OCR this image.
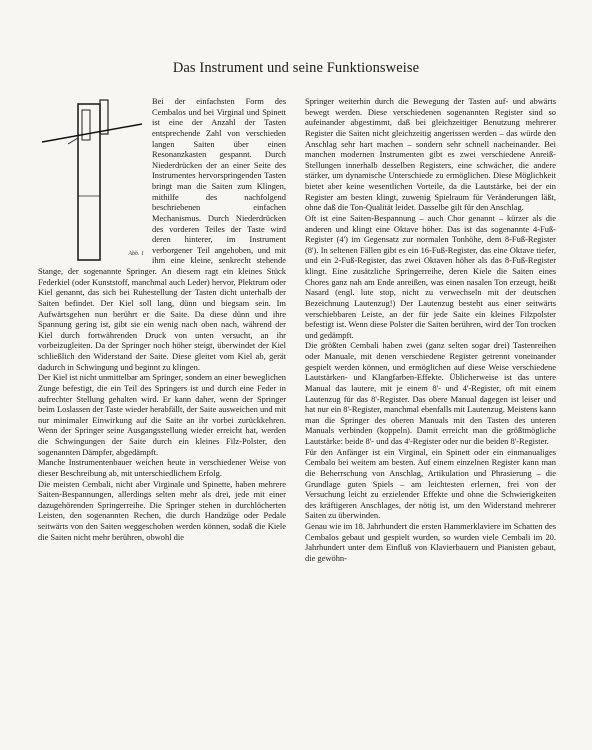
Das Instrument und seine Funktionsweise
Abb. 1

Bei der einfachsten Form des Cembalos und bei Virginal und Spinett ist eine der Anzahl der Tasten entsprechende Zahl von verschieden langen Saiten über einen Resonanzkasten gespannt. Durch Niederdrücken der an einer Seite des Instrumentes hervorspringenden Tasten bringt man die Saiten zum Klingen, mithilfe des nachfolgend beschriebenen einfachen Mechanismus. Durch Niederdrücken des vorderen Teiles der Taste wird deren hinterer, im Instrument verborgener Teil angehoben, und mit ihm eine kleine, senkrecht stehende Stange, der sogenannte Springer. An diesem ragt ein kleines Stück Federkiel (oder Kunststoff, manchmal auch Leder) hervor, Plektrum oder Kiel genannt, das sich bei Ruhestellung der Tasten dicht unterhalb der Saiten befindet. Der Kiel soll lang, dünn und biegsam sein. Im Aufwärtsgehen nun berührt er die Saite. Da diese dünn und ihre Spannung gering ist, gibt sie ein wenig nach oben nach, während der Kiel durch fortwährenden Druck von unten versucht, an ihr vorbeizugleiten. Da der Springer noch höher steigt, überwindet der Kiel schließlich den Widerstand der Saite. Diese gleitet vom Kiel ab, gerät dadurch in Schwingung und beginnt zu klingen.

Der Kiel ist nicht unmittelbar am Springer, sondern an einer beweglichen Zunge befestigt, die ein Teil des Springers ist und durch eine Feder in aufrechter Stellung gehalten wird. Er kann daher, wenn der Springer beim Loslassen der Taste wieder herabfällt, der Saite ausweichen und mit nur minimaler Einwirkung auf die Saite an ihr vorbei zurückkehren. Wenn der Springer seine Ausgangsstellung wieder erreicht hat, werden die Schwingungen der Saite durch ein kleines Filz-Polster, den sogenannten Dämpfer, abgedämpft.

Manche Instrumentenbauer weichen heute in verschiedener Weise von dieser Beschreibung ab, mit unterschiedlichem Erfolg.

Die meisten Cembali, nicht aber Virginale und Spinette, haben mehrere Saiten-Bespannungen, allerdings selten mehr als drei, jede mit einer dazugehörenden Springerreihe. Die Springer stehen in durchlöcherten Leisten, den sogenannten Rechen, die durch Handzüge oder Pedale seitwärts von den Saiten weggeschoben werden können, sodaß die Kiele die Saiten nicht mehr berühren, obwohl die

Springer weiterhin durch die Bewegung der Tasten auf- und abwärts bewegt werden. Diese verschiedenen sogenannten Register sind so aufeinander abgestimmt, daß bei gleichzeitiger Benutzung mehrerer Register die Saiten nicht gleichzeitig angerissen werden – das würde den Anschlag sehr hart machen – sondern sehr schnell nacheinander. Bei manchen modernen Instrumenten gibt es zwei verschiedene Anreiß-Stellungen innerhalb desselben Registers, eine schwächer, die andere stärker, um dynamische Unterschiede zu ermöglichen. Diese Möglichkeit bietet aber keine wesentlichen Vorteile, da die Lautstärke, bei der ein Register am besten klingt, zuwenig Spielraum für Veränderungen läßt, ohne daß die Ton-Qualität leidet. Dasselbe gilt für den Anschlag.

Oft ist eine Saiten-Bespannung – auch Chor genannt – kürzer als die anderen und klingt eine Oktave höher. Das ist das sogenannte 4-Fuß-Register (4') im Gegensatz zur normalen Tonhöhe, dem 8-Fuß-Register (8'). In seltenen Fällen gibt es ein 16-Fuß-Register, das eine Oktave tiefer, und ein 2-Fuß-Register, das zwei Oktaven höher als das 8-Fuß-Register klingt. Eine zusätzliche Springerreihe, deren Kiele die Saiten eines Chores ganz nah am Ende anreißen, was einen nasalen Ton erzeugt, heißt Nasard (engl. lute stop, nicht zu verwechseln mit der deutschen Bezeichnung Lautenzug!) Der Lautenzug besteht aus einer seitwärts verschiebbaren Leiste, an der für jede Saite ein kleines Filzpolster befestigt ist. Wenn diese Polster die Saiten berühren, wird der Ton trocken und gedämpft.

Die größten Cembali haben zwei (ganz selten sogar drei) Tastenreihen oder Manuale, mit denen verschiedene Register getrennt voneinander gespielt werden können, und ermöglichen auf diese Weise verschiedene Lautstärken- und Klangfarben-Effekte. Üblicherweise ist das untere Manual das lautere, mit je einem 8'- und 4'-Register, oft mit einem Lautenzug für das 8'-Register. Das obere Manual dagegen ist leiser und hat nur ein 8'-Register, manchmal ebenfalls mit Lautenzug. Meistens kann man die Springer des oberen Manuals mit den Tasten des unteren Manuals verbinden (koppeln). Damit erreicht man die größtmögliche Lautstärke: beide 8'- und das 4'-Register oder nur die beiden 8'-Register.

Für den Anfänger ist ein Virginal, ein Spinett oder ein einmanualiges Cembalo bei weitem am besten. Auf einem einzelnen Register kann man die Beherrschung von Anschlag, Artikulation und Phrasierung – die Grundlage guten Spiels – am leichtesten erlernen, frei von der Versuchung leicht zu erzielender Effekte und ohne die Schwierigkeiten des kräftigeren Anschlages, der nötig ist, um den Widerstand mehrerer Saiten zu überwinden.

Genau wie im 18. Jahrhundert die ersten Hammerklaviere im Schatten des Cembalos gebaut und gespielt wurden, so wurden viele Cembali im 20. Jahrhundert unter dem Einfluß von Klavierbauern und Pianisten gebaut, die gewöhn-
